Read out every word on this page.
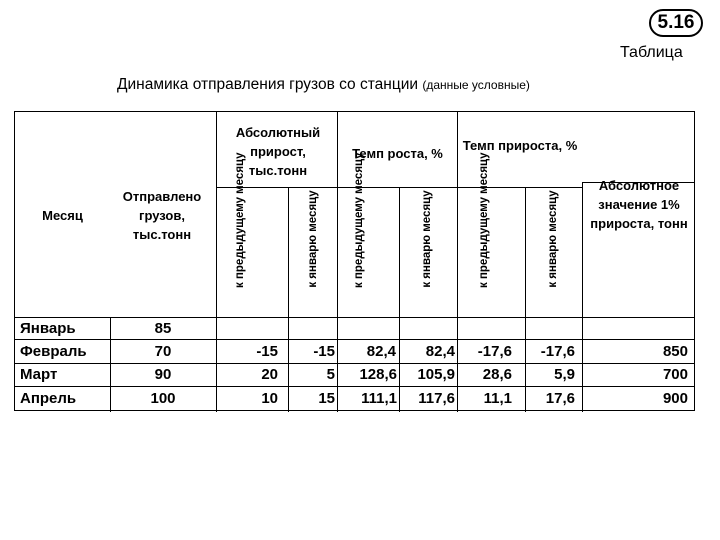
5.16
Таблица
Динамика отправления грузов со станции (данные условные)
Месяц
Отправлено грузов, тыс.тонн
Абсолютный прирост, тыс.тонн
Темп роста, %
Темп прироста, %
Абсолютное значение 1% прироста, тонн
к предыдущему месяцу	к январю месяцу	к предыдущему месяцу	к январю месяцу	к предыдущему месяцу	к январю месяцу
Январь	85
Февраль	70	-15	-15	82,4	82,4	-17,6	-17,6	850
Март	90	20	5	128,6	105,9	28,6	5,9	700
Апрель	100	10	15	111,1	117,6	11,1	17,6	900
